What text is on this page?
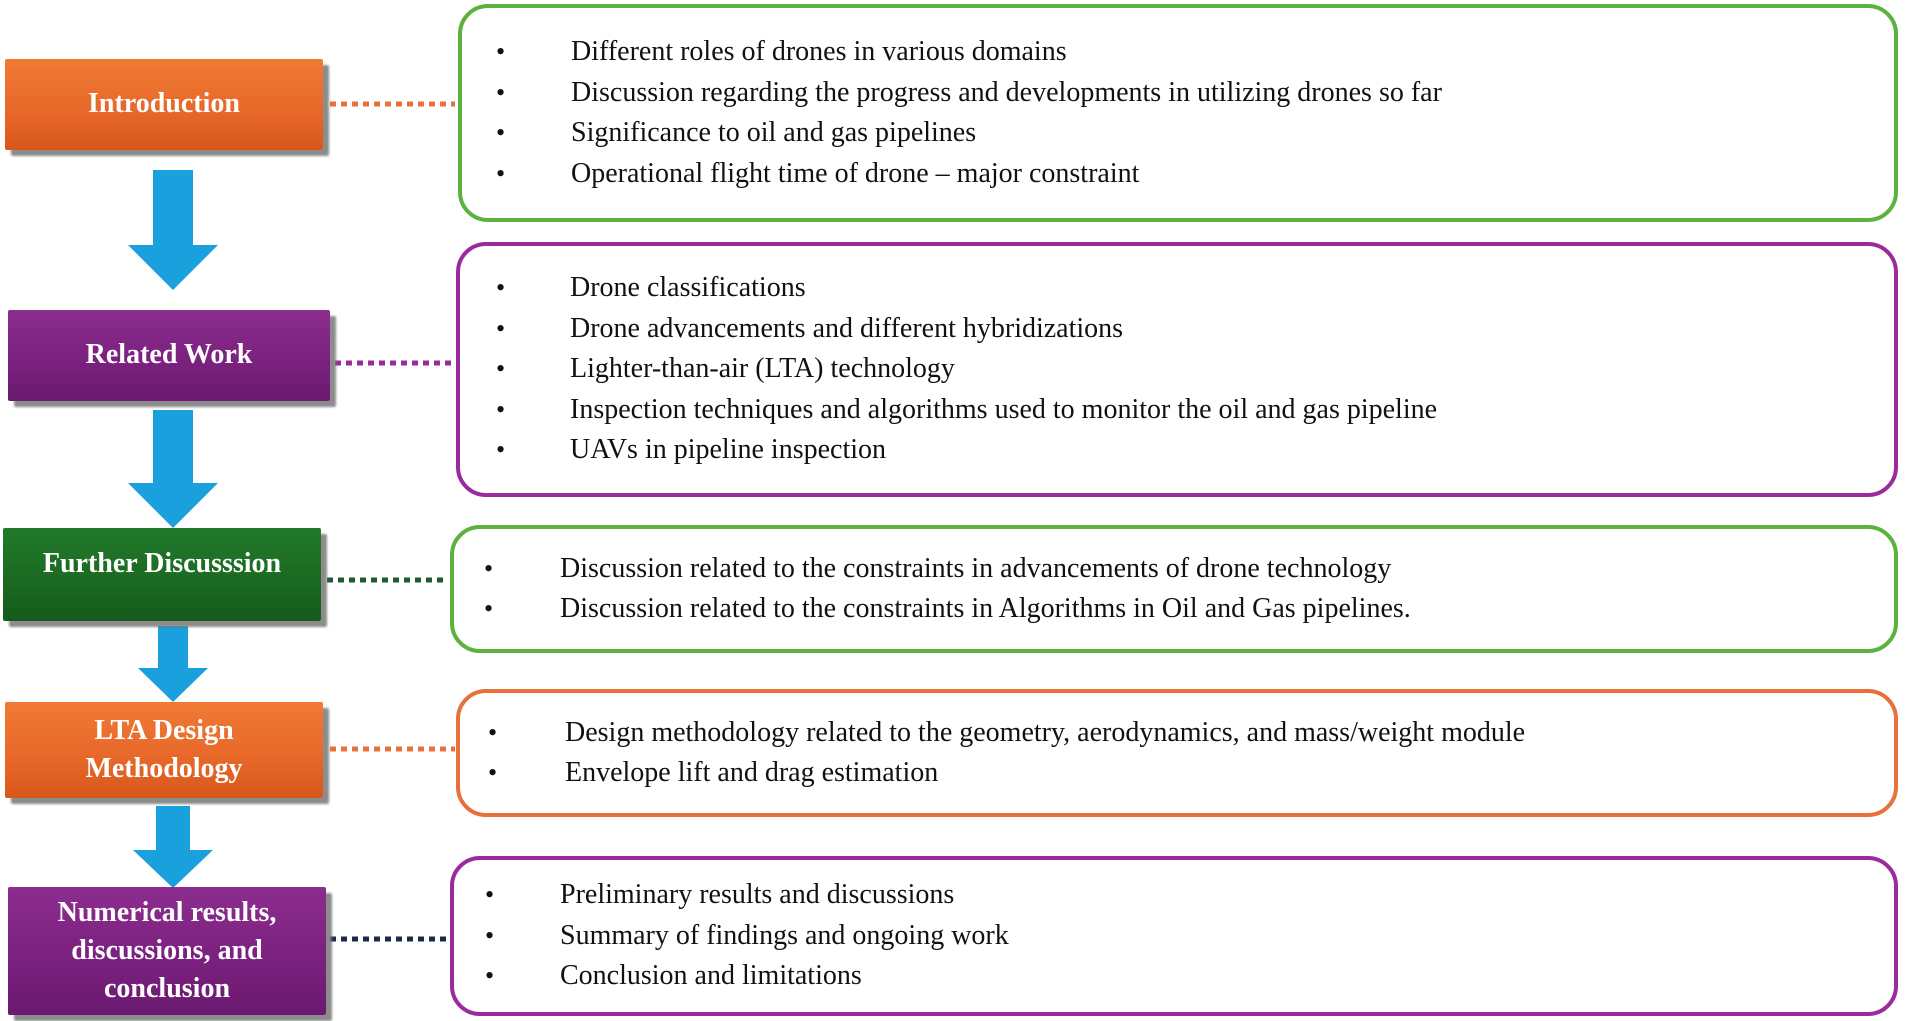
Introduction
Related Work
Further Discusssion
LTA Design Methodology
Numerical results, discussions, and conclusion
• Different roles of drones in various domains
• Discussion regarding the progress and developments in utilizing drones so far
• Significance to oil and gas pipelines
• Operational flight time of drone – major constraint
• Drone classifications
• Drone advancements and different hybridizations
• Lighter-than-air (LTA) technology
• Inspection techniques and algorithms used to monitor the oil and gas pipeline
• UAVs in pipeline inspection
• Discussion related to the constraints in advancements of drone technology
• Discussion related to the constraints in Algorithms in Oil and Gas pipelines.
• Design methodology related to the geometry, aerodynamics, and mass/weight module
• Envelope lift and drag estimation
• Preliminary results and discussions
• Summary of findings and ongoing work
• Conclusion and limitations
